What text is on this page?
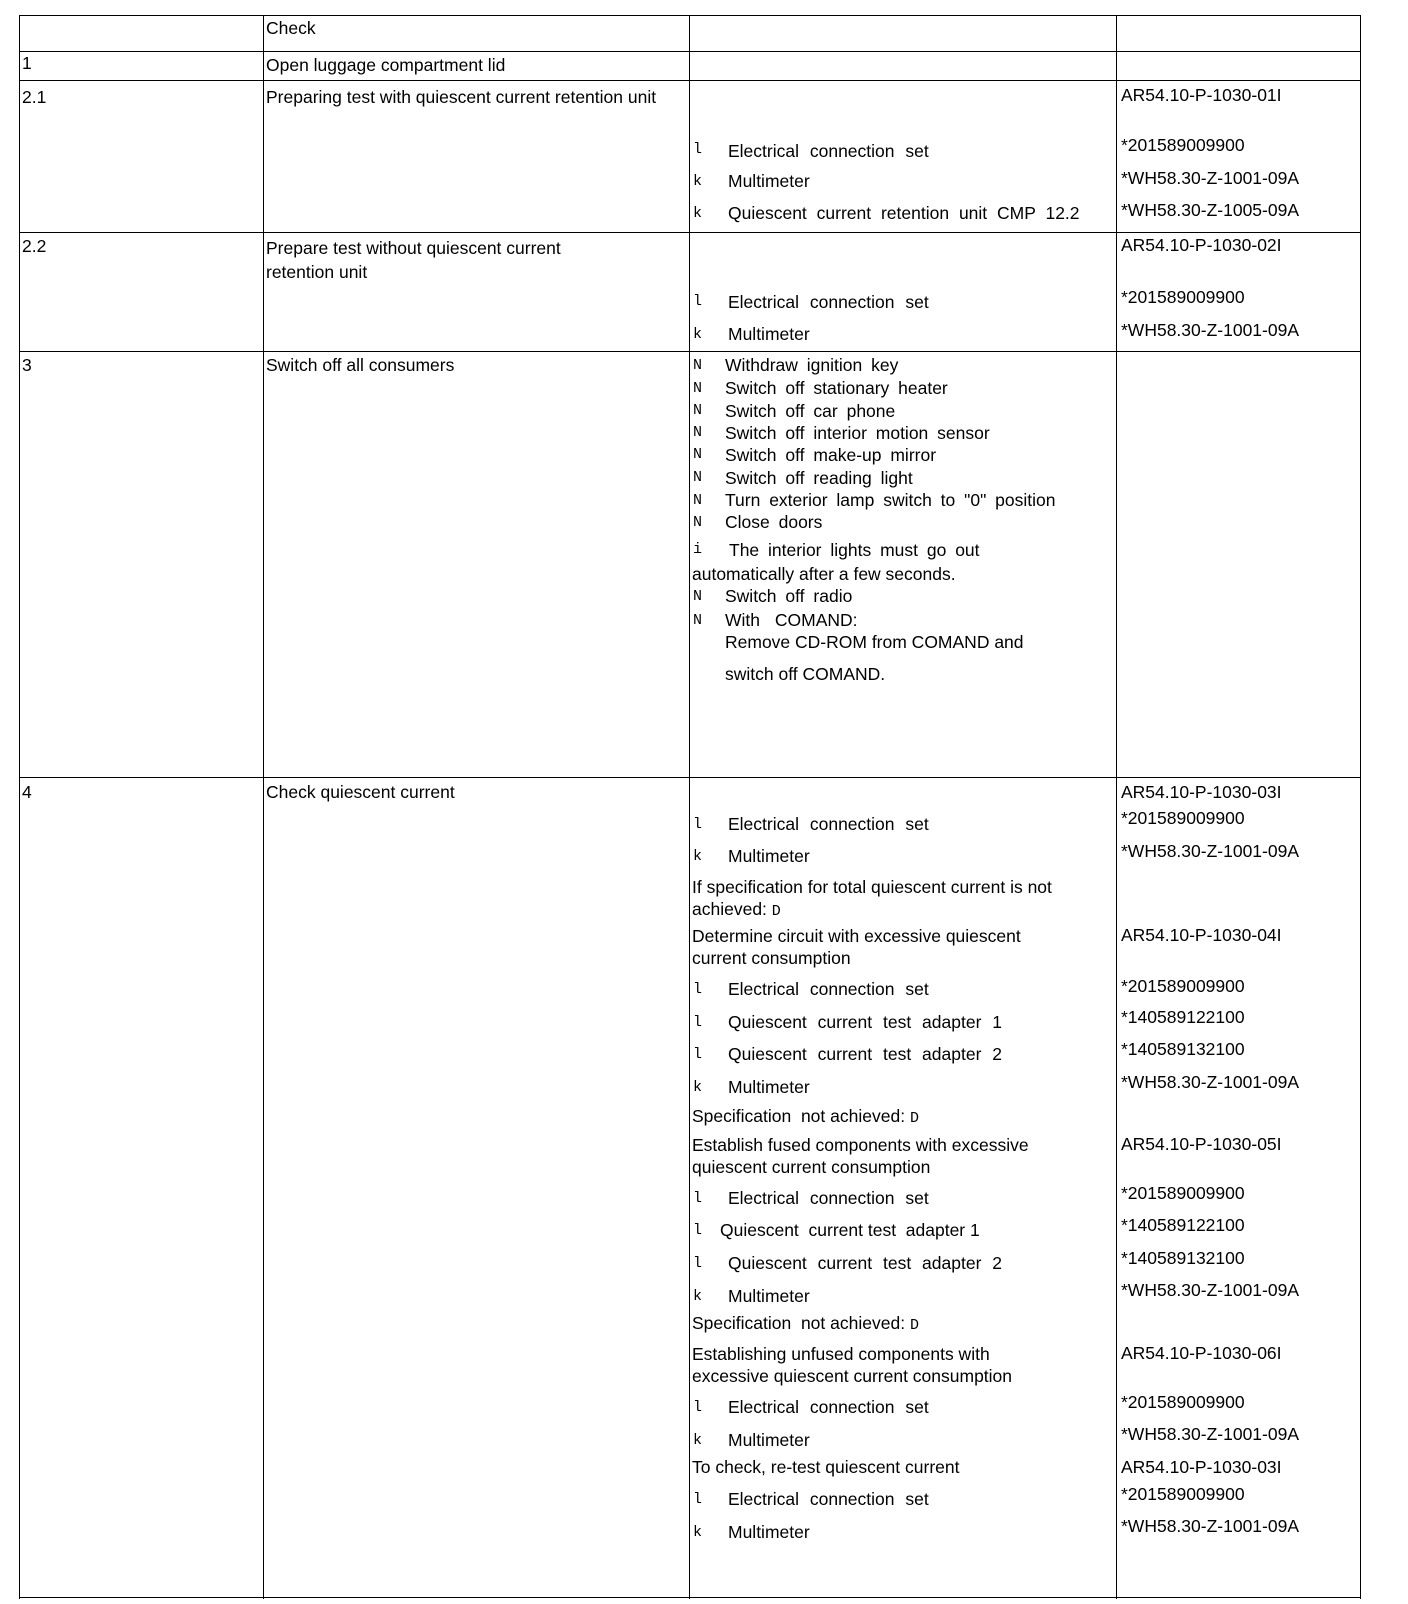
Check
1	Open luggage compartment lid
2.1	Preparing test with quiescent current retention unit	AR54.10-P-1030-01I
l Electrical connection set	*201589009900
k Multimeter	*WH58.30-Z-1001-09A
k Quiescent current retention unit CMP 12.2 *WH58.30-Z-1005-09A
2.2	Prepare test without quiescent current retention unit
AR54.10-P-1030-02I
l Electrical connection set	*201589009900
k Multimeter	*WH58.30-Z-1001-09A
3	Switch off all consumers	N Withdraw ignition key
N Switch off stationary heater
N Switch off car phone
N Switch off interior motion sensor
N Switch off make-up mirror
N Switch off reading light
N Turn exterior lamp switch to "0" position
N Close doors
i The interior lights must go out
automatically after a few seconds.
N Switch off radio
N With COMAND:
Remove CD-ROM from COMAND and
switch off COMAND.
4	Check quiescent current	AR54.10-P-1030-03I
l Electrical connection set	*201589009900
k Multimeter	*WH58.30-Z-1001-09A
If specification for total quiescent current is not achieved: D
Determine circuit with excessive quiescent current consumption
AR54.10-P-1030-04I
l Electrical connection set	*201589009900
l Quiescent current test adapter 1	*140589122100
l Quiescent current test adapter 2	*140589132100
k Multimeter	*WH58.30-Z-1001-09A
Specification  not achieved: D
Establish fused components with excessive quiescent current consumption
AR54.10-P-1030-05I
l Electrical connection set	*201589009900
l Quiescent  current test  adapter 1	*140589122100
l Quiescent current test adapter 2	*140589132100
k Multimeter	*WH58.30-Z-1001-09A
Specification  not achieved: D
Establishing unfused components with excessive quiescent current consumption
AR54.10-P-1030-06I
l Electrical connection set	*201589009900
k Multimeter	*WH58.30-Z-1001-09A
To check, re-test quiescent current	AR54.10-P-1030-03I
l Electrical connection set	*201589009900
k Multimeter	*WH58.30-Z-1001-09A
